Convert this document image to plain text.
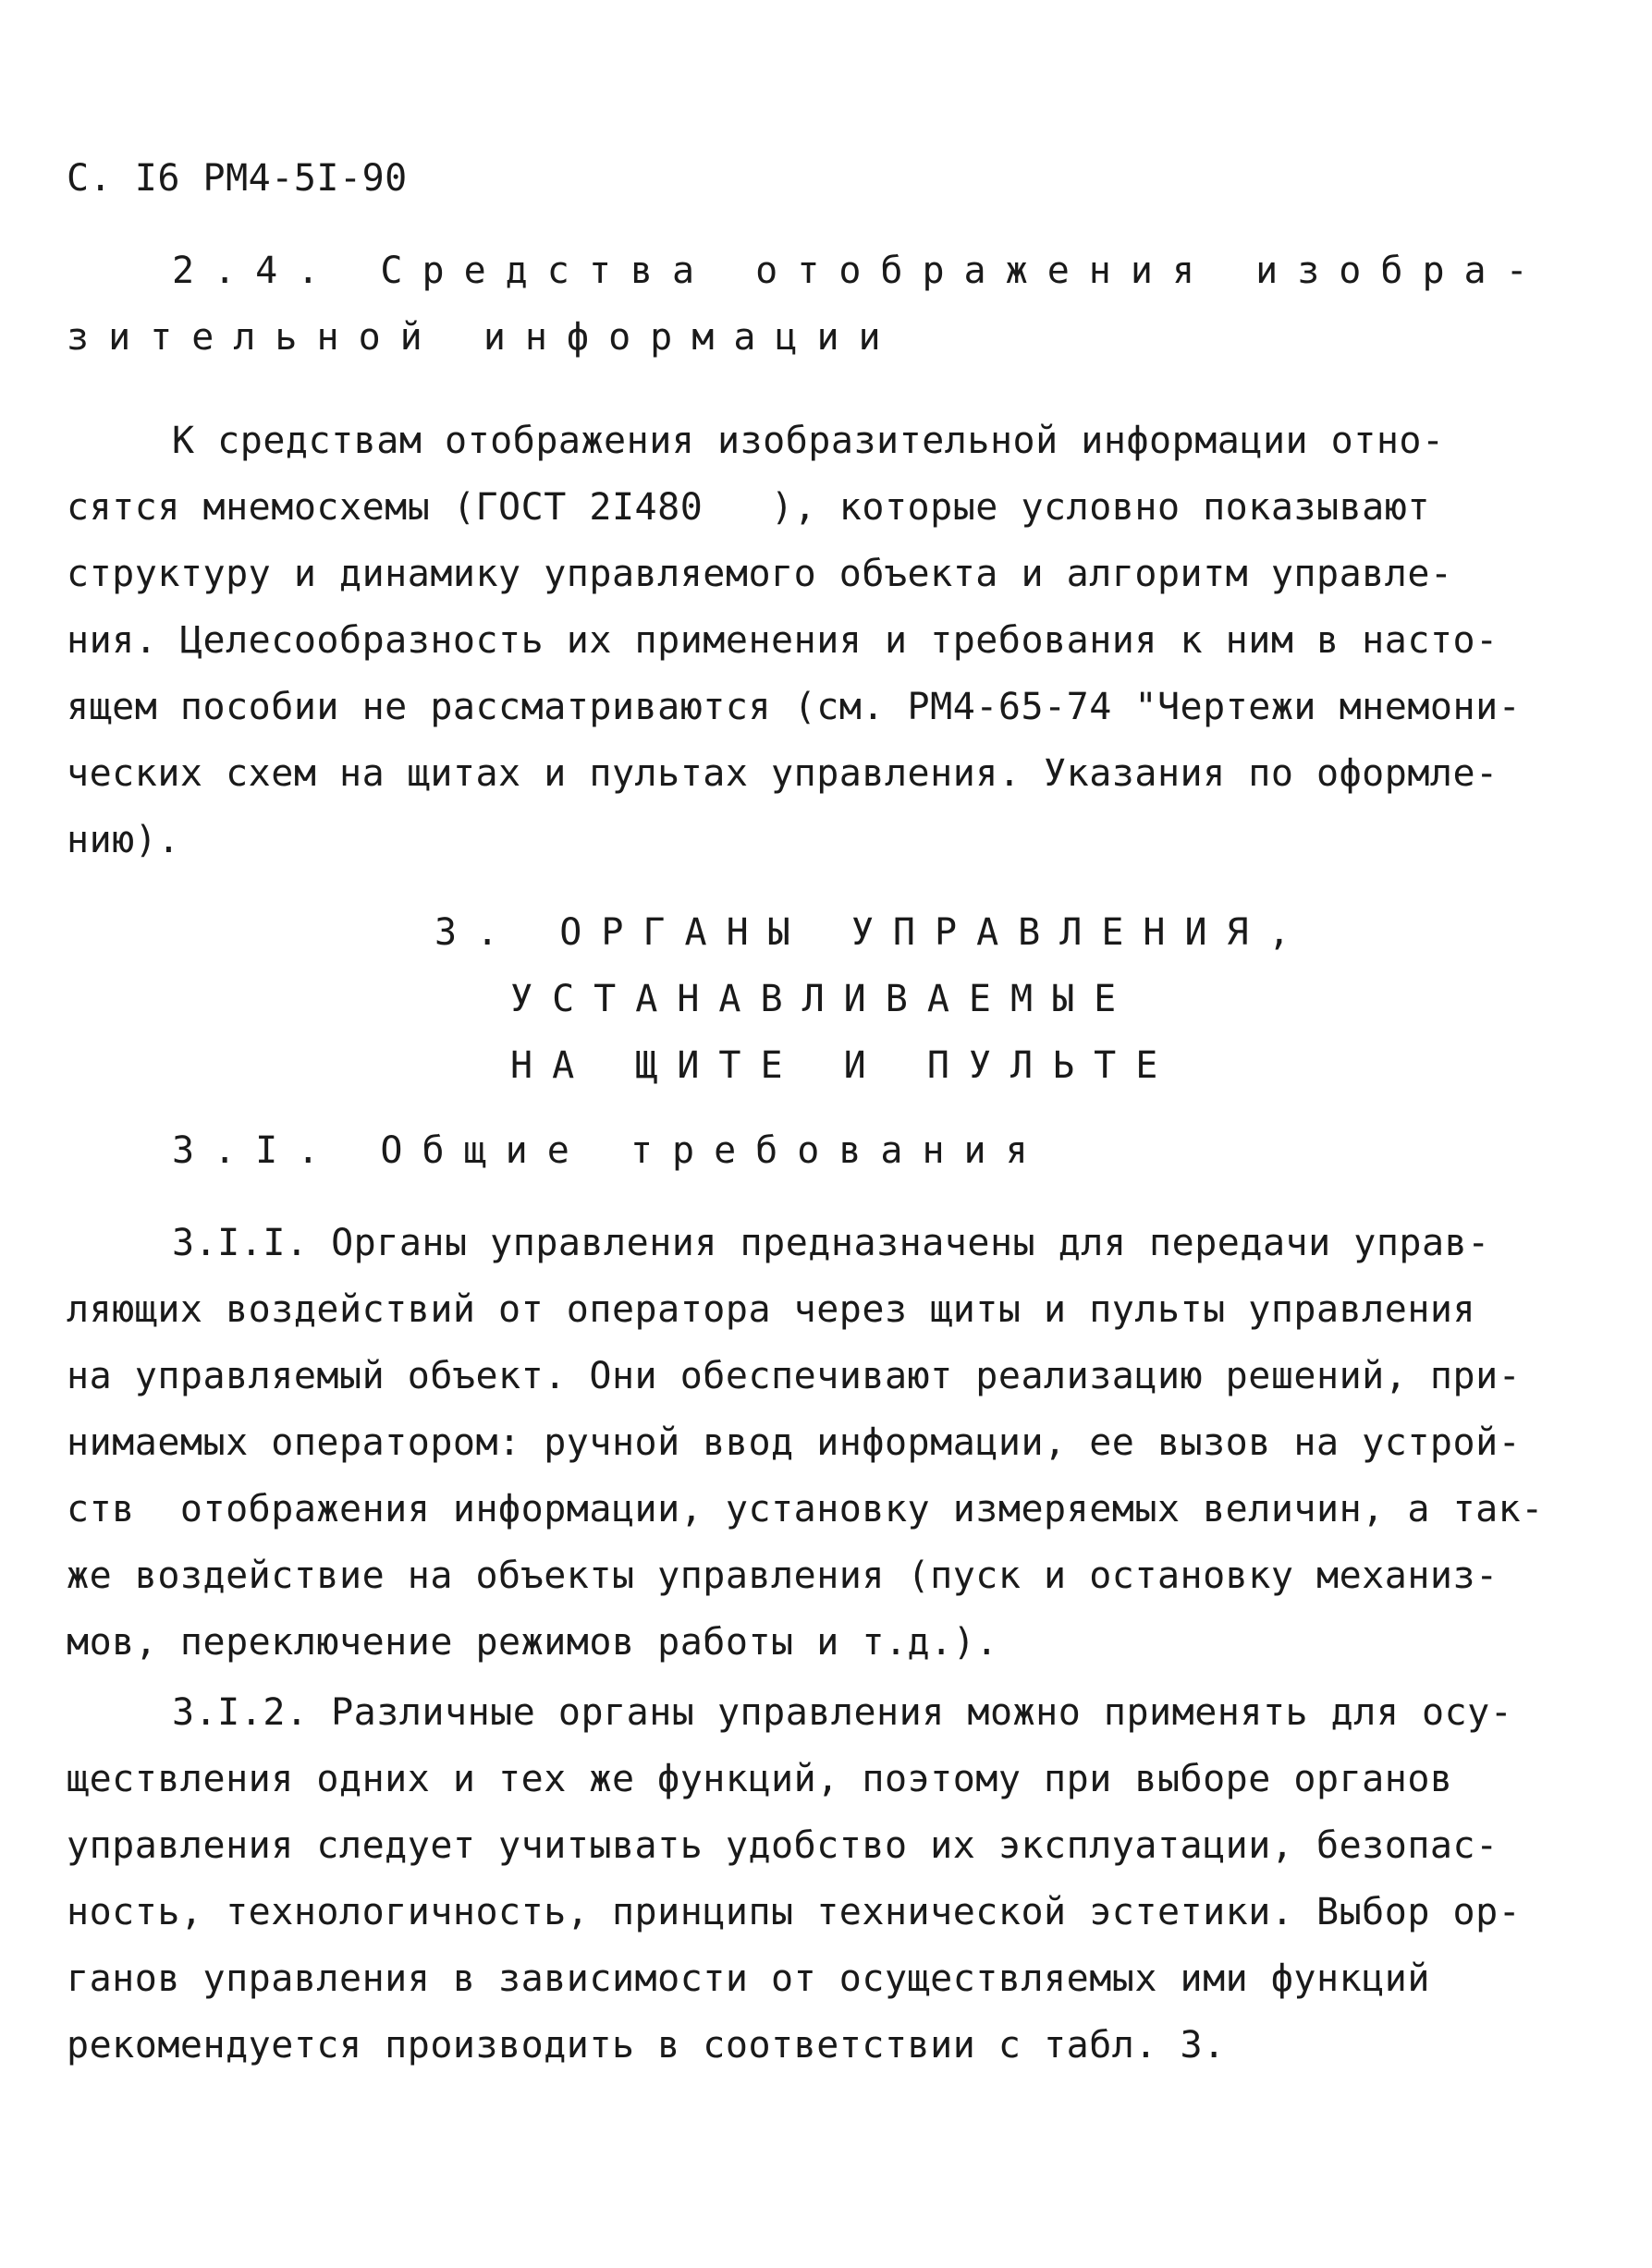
С. I6 РМ4-5I-90
2.4. Средства отображения изобра-
зительной информации
К средствам отображения изобразительной информации отно-
сятся мнемосхемы (ГОСТ 2I480   ), которые условно показывают
структуру и динамику управляемого объекта и алгоритм управле-
ния. Целесообразность их применения и требования к ним в насто-
ящем пособии не рассматриваются (см. РМ4-65-74 "Чертежи мнемони-
ческих схем на щитах и пультах управления. Указания по оформле-
нию).
3. ОРГАНЫ УПРАВЛЕНИЯ,
УСТАНАВЛИВАЕМЫЕ
НА ЩИТЕ И ПУЛЬТЕ
3.I. Общие требования
3.I.I. Органы управления предназначены для передачи управ-
ляющих воздействий от оператора через щиты и пульты управления
на управляемый объект. Они обеспечивают реализацию решений, при-
нимаемых оператором: ручной ввод информации, ее вызов на устрой-
ств  отображения информации, установку измеряемых величин, а так-
же воздействие на объекты управления (пуск и остановку механиз-
мов, переключение режимов работы и т.д.).
3.I.2. Различные органы управления можно применять для осу-
ществления одних и тех же функций, поэтому при выборе органов
управления следует учитывать удобство их эксплуатации, безопас-
ность, технологичность, принципы технической эстетики. Выбор ор-
ганов управления в зависимости от осуществляемых ими функций
рекомендуется производить в соответствии с табл. 3.
